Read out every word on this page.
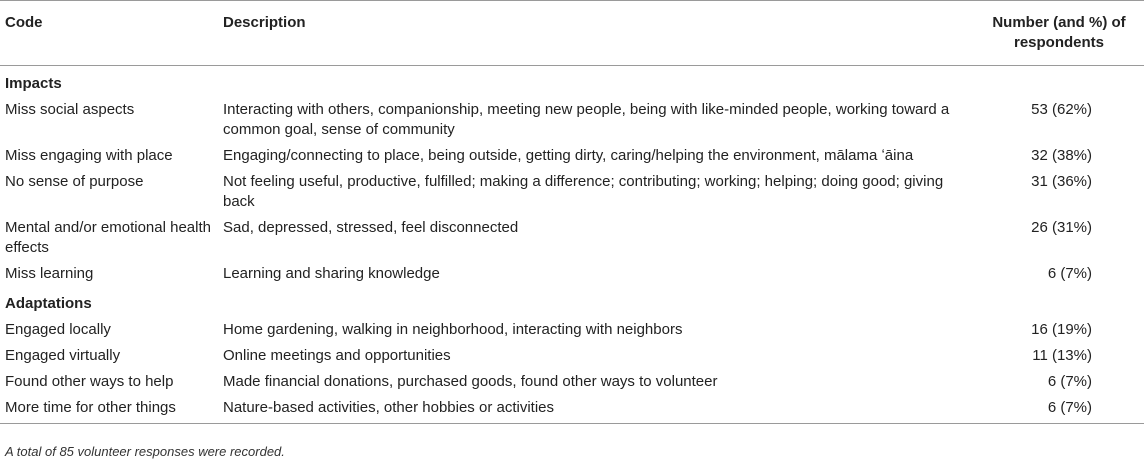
Code	Description	Number (and %) of respondents
Impacts		
Miss social aspects	Interacting with others, companionship, meeting new people, being with like-minded people, working toward a common goal, sense of community	53 (62%)
Miss engaging with place	Engaging/connecting to place, being outside, getting dirty, caring/helping the environment, mālama ʻāina	32 (38%)
No sense of purpose	Not feeling useful, productive, fulfilled; making a difference; contributing; working; helping; doing good; giving back	31 (36%)
Mental and/or emotional health effects	Sad, depressed, stressed, feel disconnected	26 (31%)
Miss learning	Learning and sharing knowledge	6 (7%)
Adaptations		
Engaged locally	Home gardening, walking in neighborhood, interacting with neighbors	16 (19%)
Engaged virtually	Online meetings and opportunities	11 (13%)
Found other ways to help	Made financial donations, purchased goods, found other ways to volunteer	6 (7%)
More time for other things	Nature-based activities, other hobbies or activities	6 (7%)
A total of 85 volunteer responses were recorded.
